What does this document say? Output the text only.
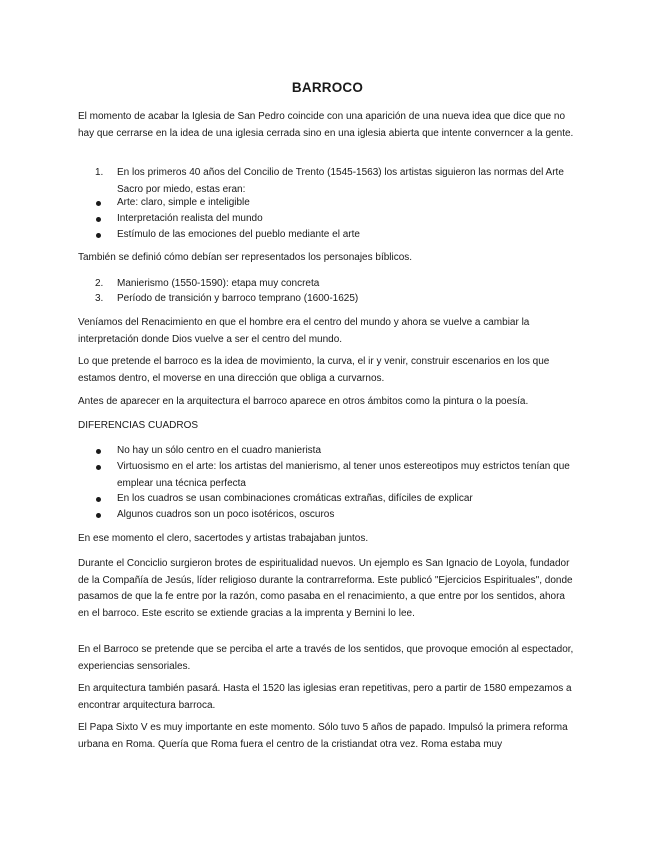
BARROCO
El momento de acabar la Iglesia de San Pedro coincide con una aparición de una nueva idea que dice que no hay que cerrarse en la idea de una iglesia cerrada sino en una iglesia abierta que intente converncer a la gente.
1.	En los primeros 40 años del Concilio de Trento (1545-1563) los artistas siguieron las normas del Arte Sacro por miedo, estas eran:
Arte: claro, simple e inteligible
Interpretación realista del mundo
Estímulo de las emociones del pueblo mediante el arte
También se definió cómo debían ser representados los personajes bíblicos.
2.	Manierismo (1550-1590): etapa muy concreta
3.	Período de transición y barroco temprano (1600-1625)
Veníamos del Renacimiento en que el hombre era el centro del mundo y ahora se vuelve a cambiar la interpretación donde Dios vuelve a ser el centro del mundo.
Lo que pretende el barroco es la idea de movimiento, la curva, el ir y venir, construir escenarios en los que estamos dentro, el moverse en una dirección que obliga a curvarnos.
Antes de aparecer en la arquitectura el barroco aparece en otros ámbitos como la pintura o la poesía.
DIFERENCIAS CUADROS
No hay un sólo centro en el cuadro manierista
Virtuosismo en el arte: los artistas del manierismo, al tener unos estereotipos muy estrictos tenían que emplear una técnica perfecta
En los cuadros se usan combinaciones cromáticas extrañas, difíciles de explicar
Algunos cuadros son un poco isotéricos, oscuros
En ese momento el clero, sacertodes y artistas trabajaban juntos.
Durante el Conciclio surgieron brotes de espiritualidad nuevos. Un ejemplo es San Ignacio de Loyola, fundador de la Compañía de Jesús, líder religioso durante la contrarreforma. Este publicó "Ejercicios Espirituales", donde pasamos de que la fe entre por la razón, como pasaba en el renacimiento, a que entre por los sentidos, ahora en el barroco. Este escrito se extiende gracias a la imprenta y Bernini lo lee.
En el Barroco se pretende que se perciba el arte a través de los sentidos, que provoque emoción al espectador, experiencias sensoriales.
En arquitectura también pasará. Hasta el 1520 las iglesias eran repetitivas, pero a partir de 1580 empezamos a encontrar arquitectura barroca.
El Papa Sixto V es muy importante en este momento. Sólo tuvo 5 años de papado. Impulsó la primera reforma urbana en Roma. Quería que Roma fuera el centro de la cristiandat otra vez. Roma estaba muy
